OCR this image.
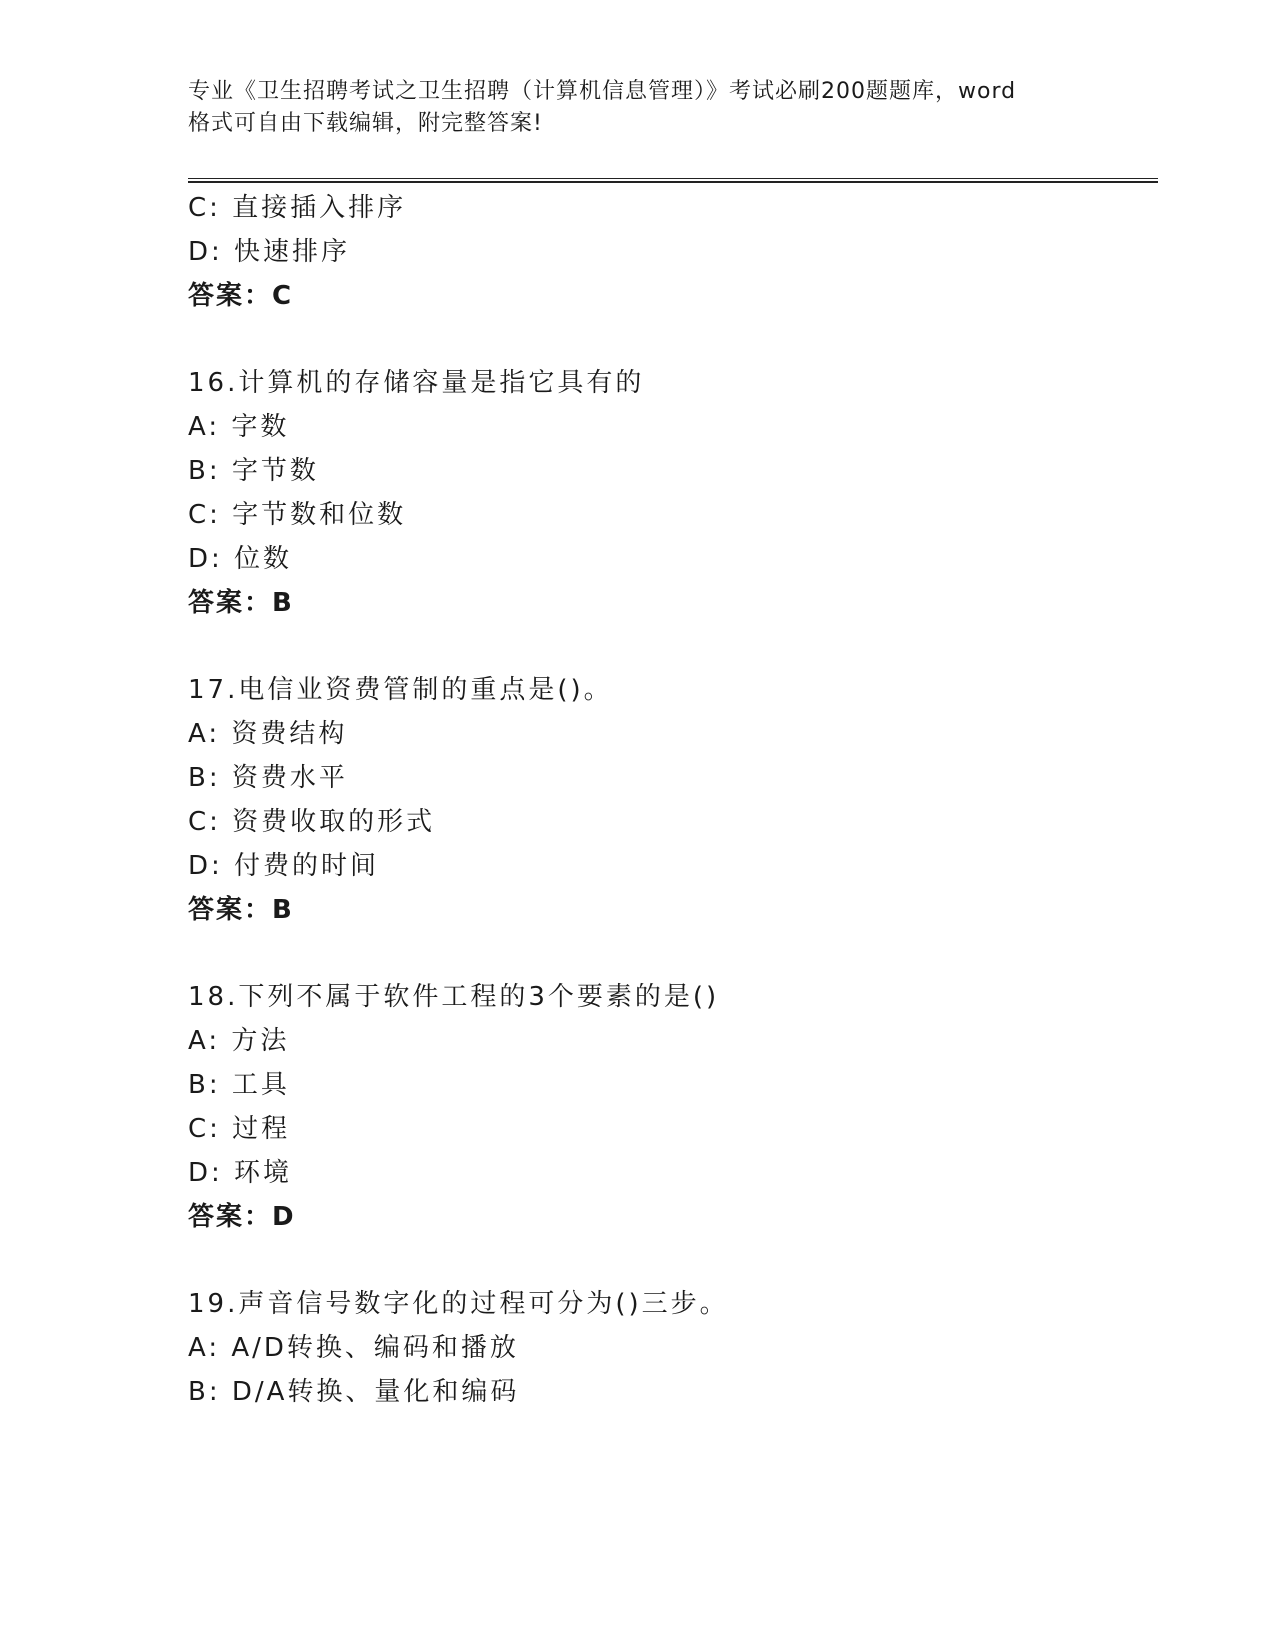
专业《卫生招聘考试之卫生招聘（计算机信息管理）》考试必刷200题题库，word
格式可自由下载编辑，附完整答案!
C: 直接插入排序
D: 快速排序
答案：C
16.计算机的存储容量是指它具有的
A: 字数
B: 字节数
C: 字节数和位数
D: 位数
答案：B
17.电信业资费管制的重点是()。
A: 资费结构
B: 资费水平
C: 资费收取的形式
D: 付费的时间
答案：B
18.下列不属于软件工程的3个要素的是()
A: 方法
B: 工具
C: 过程
D: 环境
答案：D
19.声音信号数字化的过程可分为()三步。
A: A/D转换、编码和播放
B: D/A转换、量化和编码
